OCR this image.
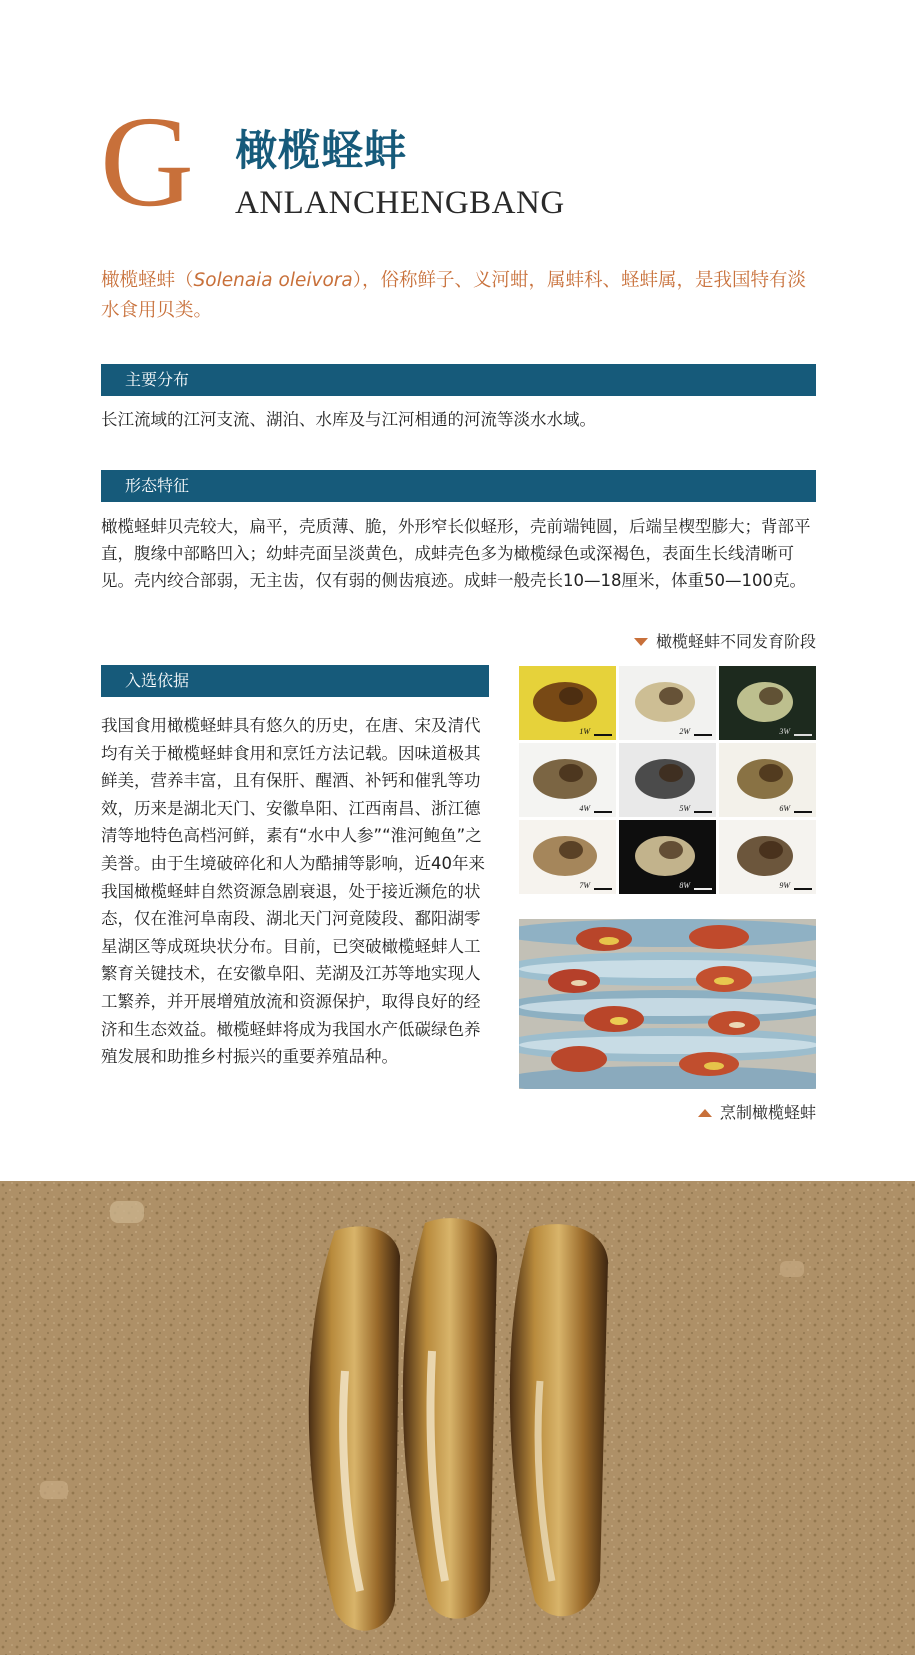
G 橄榄蛏蚌
ANLANCHENGBANG
橄榄蛏蚌（Solenaia oleivora），俗称鲜子、义河蚶，属蚌科、蛏蚌属，是我国特有淡水食用贝类。
主要分布
长江流域的江河支流、湖泊、水库及与江河相通的河流等淡水水域。
形态特征
橄榄蛏蚌贝壳较大，扁平，壳质薄、脆，外形窄长似蛏形，壳前端钝圆，后端呈楔型膨大；背部平直，腹缘中部略凹入；幼蚌壳面呈淡黄色，成蚌壳色多为橄榄绿色或深褐色，表面生长线清晰可见。壳内绞合部弱，无主齿，仅有弱的侧齿痕迹。成蚌一般壳长10—18厘米，体重50—100克。
橄榄蛏蚌不同发育阶段
入选依据
我国食用橄榄蛏蚌具有悠久的历史，在唐、宋及清代均有关于橄榄蛏蚌食用和烹饪方法记载。因味道极其鲜美，营养丰富，且有保肝、醒酒、补钙和催乳等功效，历来是湖北天门、安徽阜阳、江西南昌、浙江德清等地特色高档河鲜，素有“水中人参”“淮河鲍鱼”之美誉。由于生境破碎化和人为酷捕等影响，近40年来我国橄榄蛏蚌自然资源急剧衰退，处于接近濒危的状态，仅在淮河阜南段、湖北天门河竟陵段、鄱阳湖零星湖区等成斑块状分布。目前，已突破橄榄蛏蚌人工繁育关键技术，在安徽阜阳、芜湖及江苏等地实现人工繁养，并开展增殖放流和资源保护，取得良好的经济和生态效益。橄榄蛏蚌将成为我国水产低碳绿色养殖发展和助推乡村振兴的重要养殖品种。
1W	2W	3W
4W	5W	6W
7W	8W	9W
烹制橄榄蛏蚌
